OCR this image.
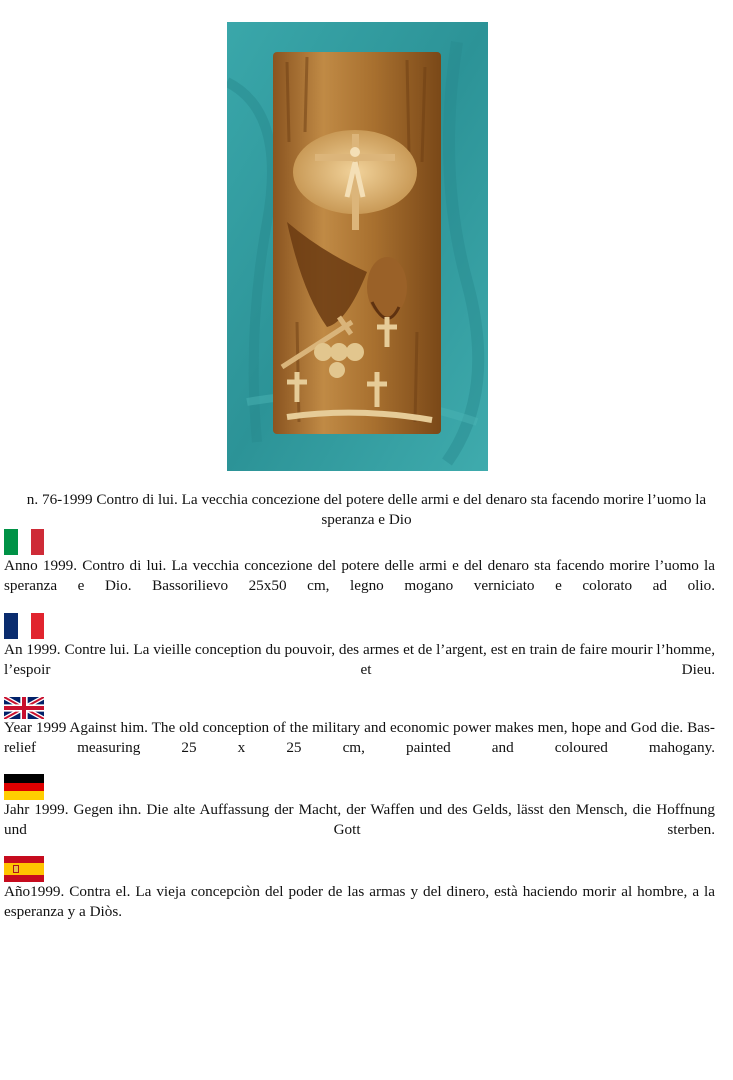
n. 76-1999 Contro di lui. La vecchia concezione del potere delle armi e del denaro sta facendo morire l’uomo la speranza e Dio
Anno 1999. Contro di lui. La vecchia concezione del potere delle armi e del denaro sta facendo morire l’uomo la speranza e Dio. Bassorilievo 25x50 cm, legno mogano verniciato e colorato ad olio.
An 1999. Contre lui. La vieille conception du pouvoir, des armes et de l’argent, est en train de faire mourir l’homme, l’espoir et Dieu.
Year 1999 Against him. The old conception of the military and economic power makes men, hope and God die. Bas-relief measuring 25 x 25 cm, painted and coloured mahogany.
Jahr 1999. Gegen ihn. Die alte Auffassung der Macht, der Waffen und des Gelds, lässt den Mensch, die Hoffnung und Gott sterben.
Año1999. Contra el. La vieja concepciòn del poder de las armas y del dinero, està haciendo morir al hombre, a la esperanza y a Diòs.
